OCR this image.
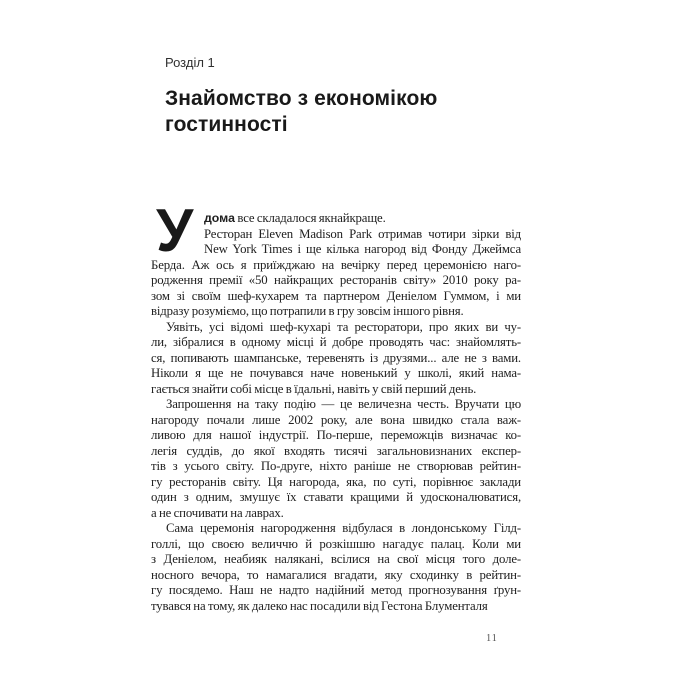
Розділ 1
Знайомство з економікою
гостинності
У дома все складалося якнайкраще.
Ресторан Eleven Madison Park отримав чотири зірки від
New York Times і ще кілька нагород від Фонду Джеймса
Берда. Аж ось я приїжджаю на вечірку перед церемонією наго-
родження премії «50 найкращих ресторанів світу» 2010 року ра-
зом зі своїм шеф-кухарем та партнером Деніелом Гуммом, і ми
відразу розуміємо, що потрапили в гру зовсім іншого рівня.
Уявіть, усі відомі шеф-кухарі та ресторатори, про яких ви чу-
ли, зібралися в одному місці й добре проводять час: знайомлять-
ся, попивають шампанське, теревенять із друзями... але не з вами.
Ніколи я ще не почувався наче новенький у школі, який нама-
гається знайти собі місце в їдальні, навіть у свій перший день.
Запрошення на таку подію — це величезна честь. Вручати цю
нагороду почали лише 2002 року, але вона швидко стала важ-
ливою для нашої індустрії. По-перше, переможців визначає ко-
легія суддів, до якої входять тисячі загальновизнаних експер-
тів з усього світу. По-друге, ніхто раніше не створював рейтин-
гу ресторанів світу. Ця нагорода, яка, по суті, порівнює заклади
один з одним, змушує їх ставати кращими й удосконалюватися,
а не спочивати на лаврах.
Сама церемонія нагородження відбулася в лондонському Гілд-
голлі, що своєю величчю й розкішшю нагадує палац. Коли ми
з Деніелом, неабияк налякані, всілися на свої місця того доле-
носного вечора, то намагалися вгадати, яку сходинку в рейтин-
гу посядемо. Наш не надто надійний метод прогнозування ґрун-
тувався на тому, як далеко нас посадили від Гестона Блументаля
11
